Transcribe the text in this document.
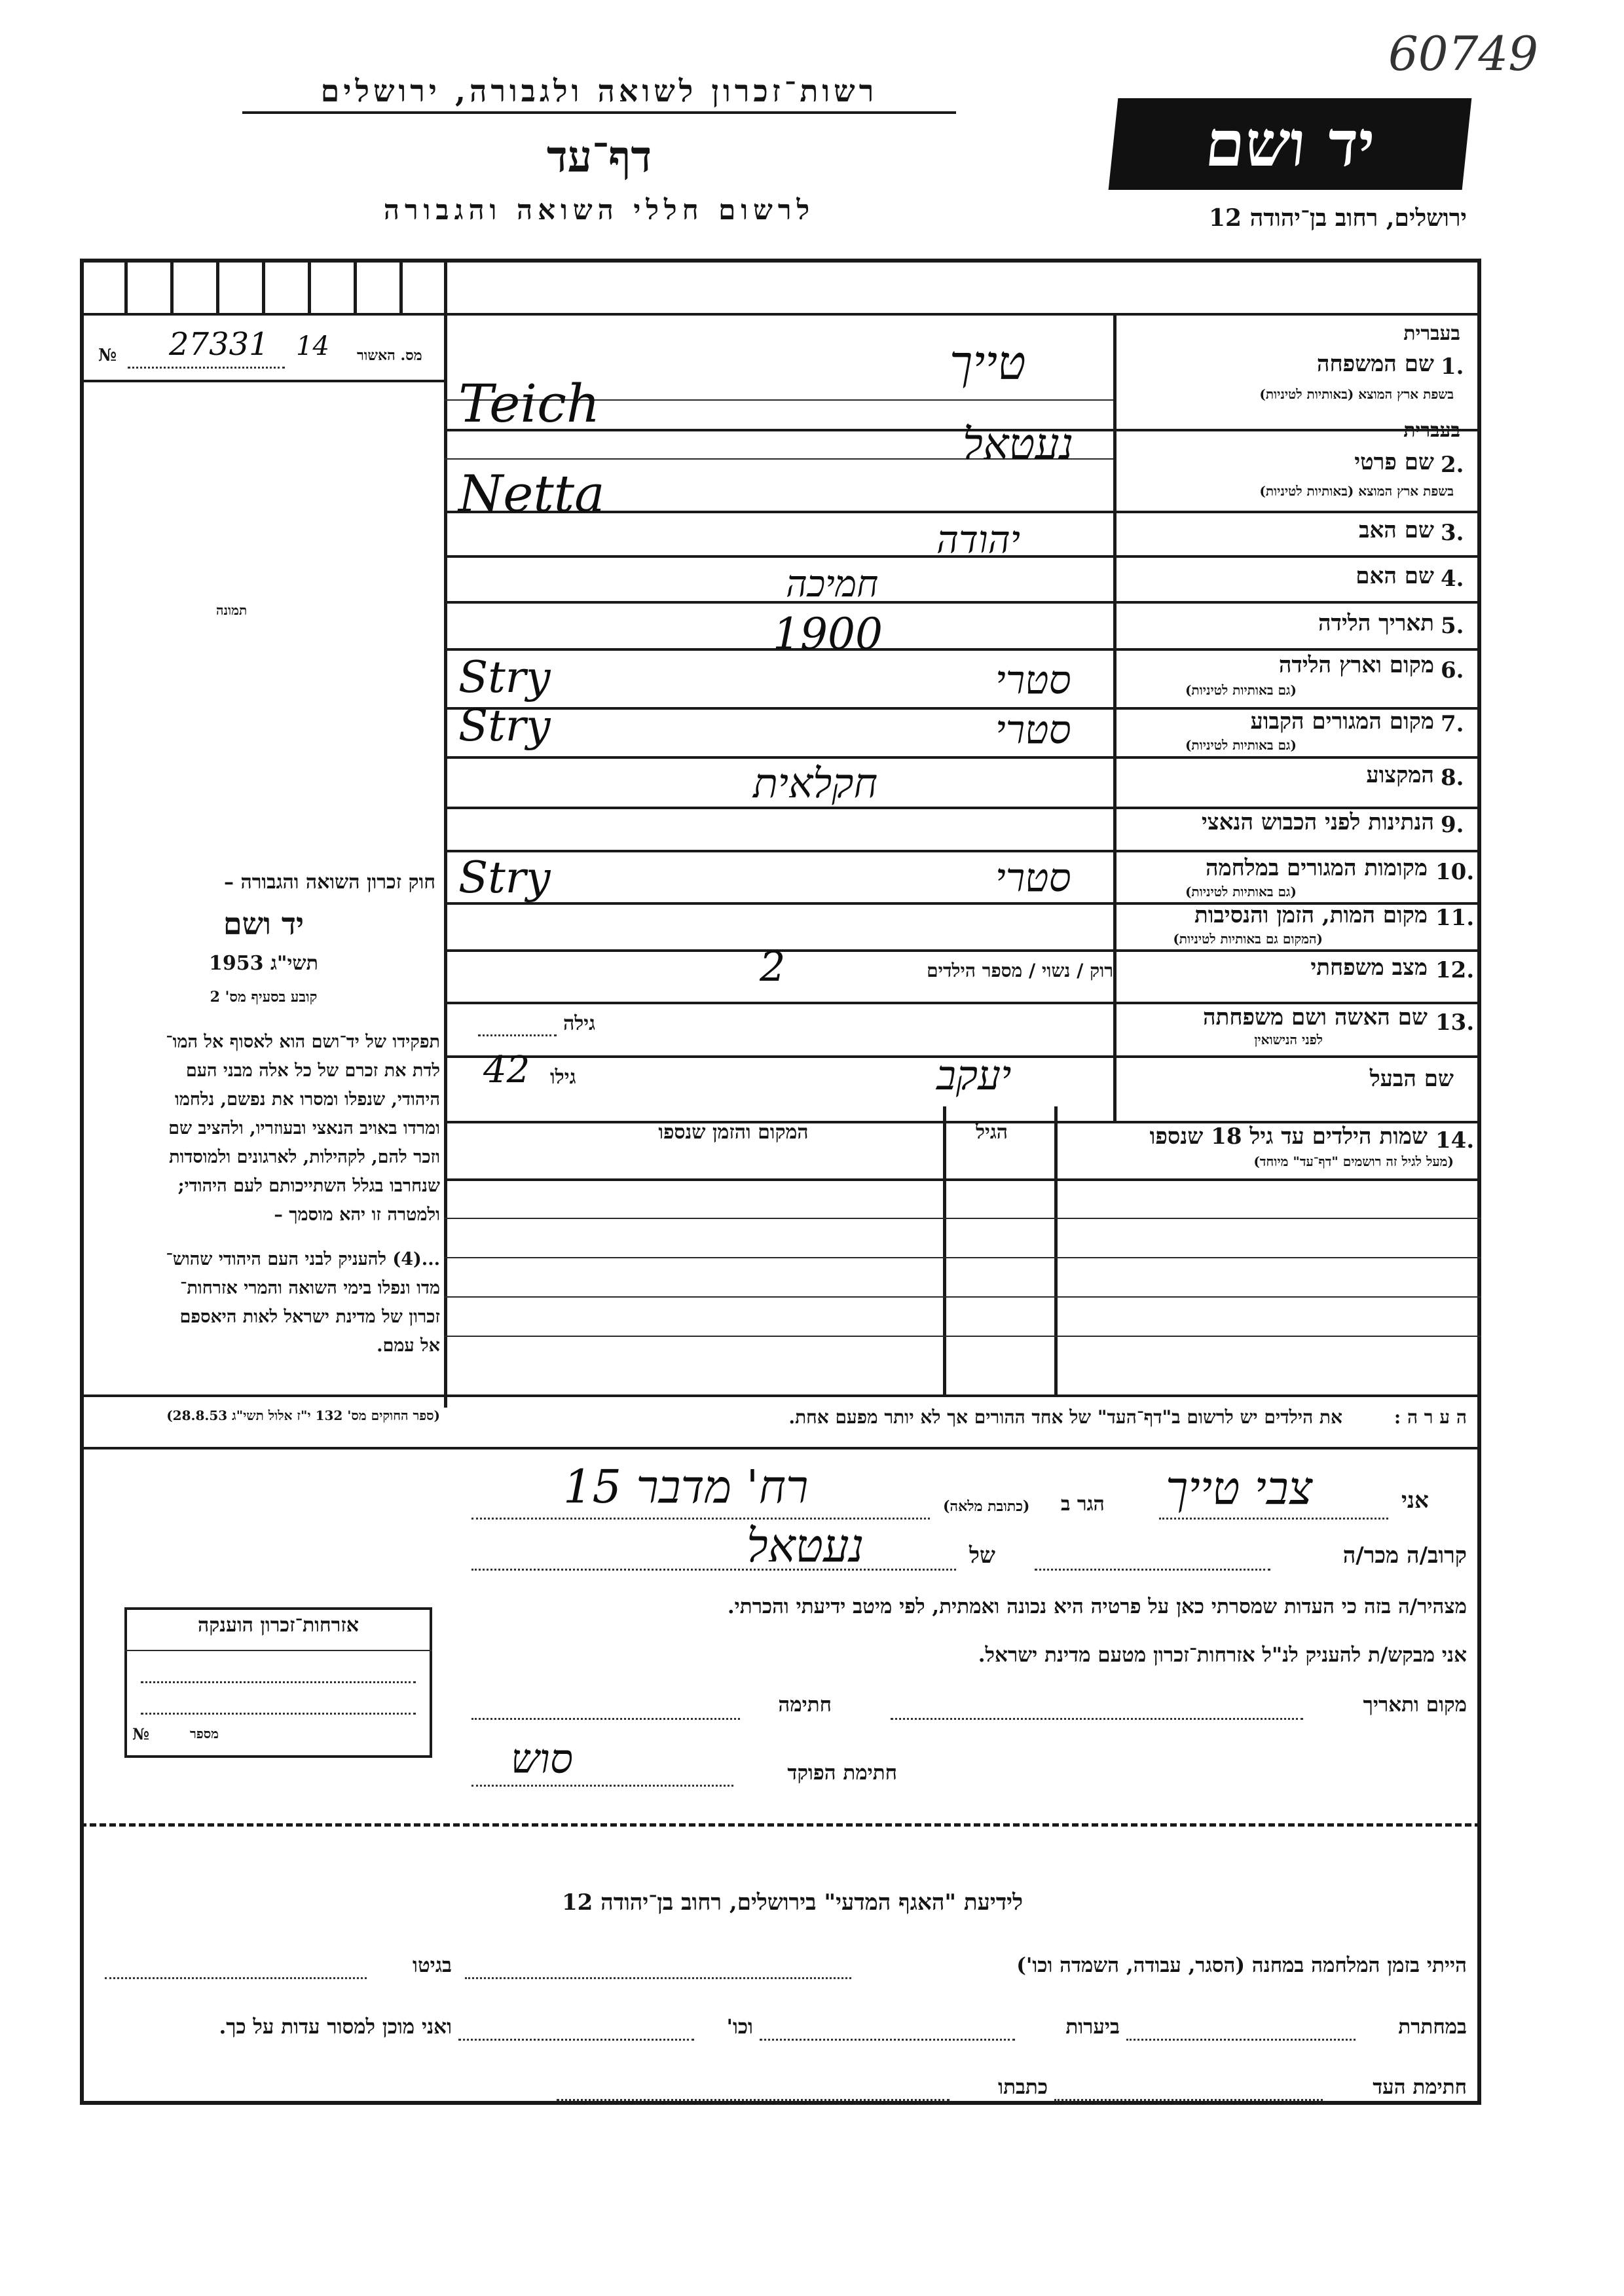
רשות־זכרון לשואה ולגבורה, ירושלים
דף־עד
לרשום חללי השואה והגבורה
60749
יד ושם
ירושלים, רחוב בן־יהודה 12
№ 27331 14 מס. האשור
תמונה
בעברית
1.
שם המשפחה
בשפת ארץ המוצא (באותיות לטיניות)
טייך
Teich	בעברית
2.
שם פרטי
בשפת ארץ המוצא (באותיות לטיניות)
נעטאל
Netta
3.
שם האב
יהודה
4.
שם האם
חמיכה
5.
תאריך הלידה
1900
6.
מקום וארץ הלידה
(גם באותיות לטיניות)
סטרי
Stry
7.
מקום המגורים הקבוע
(גם באותיות לטיניות)
סטרי
Stry
8.
המקצוע
חקלאית
9.
הנתינות לפני הכבוש הנאצי
10.
מקומות המגורים במלחמה
(גם באותיות לטיניות)
סטרי
Stry
11.
מקום המות, הזמן והנסיבות
(המקום גם באותיות לטיניות)
12.
מצב משפחתי
רוק / נשוי / מספר הילדים
2
13.
שם האשה ושם משפחתה
לפני הנישואין
גילה
שם הבעל
יעקב
גילו
42
14.
שמות הילדים עד גיל 18 שנספו
(מעל לגיל זה רושמים "דף־עד" מיוחד)
הגיל
המקום והזמן שנספו
חוק זכרון השואה והגבורה –
יד ושם
תשי"ג 1953
קובע בסעיף מס' 2
תפקידו של יד־ושם הוא לאסוף אל המו־
לדת את זכרם של כל אלה מבני העם
היהודי, שנפלו ומסרו את נפשם, נלחמו
ומרדו באויב הנאצי ובעוזריו, ולהציב שם
וזכר להם, לקהילות, לארגונים ולמוסדות
שנחרבו בגלל השתייכותם לעם היהודי;
ולמטרה זו יהא מוסמך –
...(4) להעניק לבני העם היהודי שהוש־
מדו ונפלו בימי השואה והמרי אזרחות־
זכרון של מדינת ישראל לאות היאספם
אל עמם.
(ספר החוקים מס' 132 י"ז אלול תשי"ג 28.8.53)	ה ע ר ה :
את הילדים יש לרשום ב"דף־העד" של אחד ההורים אך לא יותר מפעם אחת.
אני
צבי טייך
הגר ב
(כתובת מלאה)
רח' מדבר 15
קרוב/ה מכר/ה
של
נעטאל
מצהיר/ה בזה כי העדות שמסרתי כאן על פרטיה היא נכונה ואמתית, לפי מיטב ידיעתי והכרתי.
אני מבקש/ת להעניק לנ"ל אזרחות־זכרון מטעם מדינת ישראל.
מקום ותאריך
חתימה
חתימת הפוקד
סוש
אזרחות־זכרון הוענקה
מספר
№
לידיעת "האגף המדעי" בירושלים, רחוב בן־יהודה 12
הייתי בזמן המלחמה במחנה (הסגר, עבודה, השמדה וכו')
בגיטו
במחתרת
ביערות
וכו'
ואני מוכן למסור עדות על כך.
חתימת העד
כתבתו
